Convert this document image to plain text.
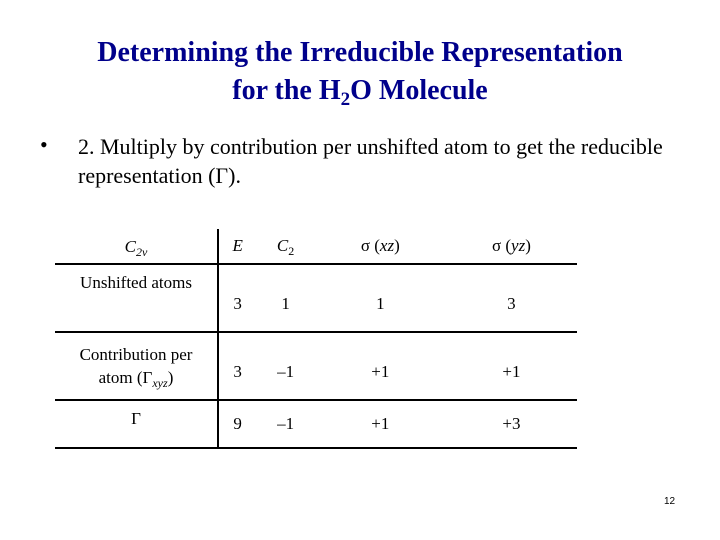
Determining the Irreducible Representation
for the $H_2O$ Molecule
• 2. Multiply by contribution per unshifted atom to get the reducible representation (Γ).
$C_{2v}$	E	$C_2$	σ (xz)	σ (yz)
Unshifted atoms	3	1	1	3

Contribution per
atom $(\Gamma_{xyz})$	3	–1	+1	+1
Γ	9	–1	+1	+3
12
